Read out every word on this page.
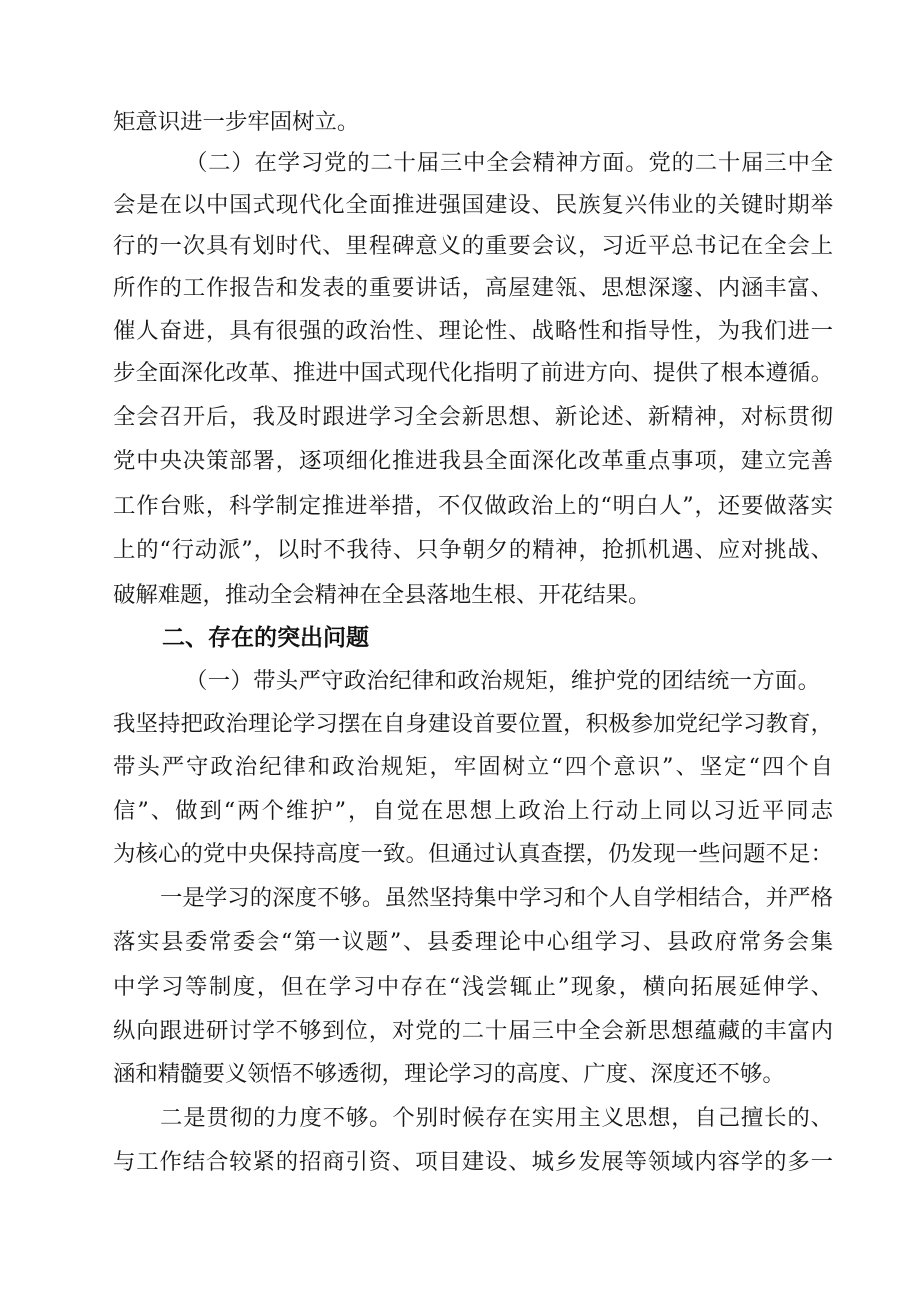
矩意识进一步牢固树立。

（二）在学习党的二十届三中全会精神方面。党的二十届三中全

会是在以中国式现代化全面推进强国建设、民族复兴伟业的关键时期举

行的一次具有划时代、里程碑意义的重要会议，习近平总书记在全会上

所作的工作报告和发表的重要讲话，高屋建瓴、思想深邃、内涵丰富、

催人奋进，具有很强的政治性、理论性、战略性和指导性，为我们进一

步全面深化改革、推进中国式现代化指明了前进方向、提供了根本遵循。

全会召开后，我及时跟进学习全会新思想、新论述、新精神，对标贯彻

党中央决策部署，逐项细化推进我县全面深化改革重点事项，建立完善

工作台账，科学制定推进举措，不仅做政治上的“明白人”，还要做落实

上的“行动派”，以时不我待、只争朝夕的精神，抢抓机遇、应对挑战、

破解难题，推动全会精神在全县落地生根、开花结果。

二、存在的突出问题

（一）带头严守政治纪律和政治规矩，维护党的团结统一方面。

我坚持把政治理论学习摆在自身建设首要位置，积极参加党纪学习教育，

带头严守政治纪律和政治规矩，牢固树立“四个意识”、坚定“四个自

信”、做到“两个维护”，自觉在思想上政治上行动上同以习近平同志

为核心的党中央保持高度一致。但通过认真查摆，仍发现一些问题不足：

一是学习的深度不够。虽然坚持集中学习和个人自学相结合，并严格

落实县委常委会“第一议题”、县委理论中心组学习、县政府常务会集

中学习等制度，但在学习中存在“浅尝辄止”现象，横向拓展延伸学、

纵向跟进研讨学不够到位，对党的二十届三中全会新思想蕴藏的丰富内

涵和精髓要义领悟不够透彻，理论学习的高度、广度、深度还不够。

二是贯彻的力度不够。个别时候存在实用主义思想，自己擅长的、

与工作结合较紧的招商引资、项目建设、城乡发展等领域内容学的多一
